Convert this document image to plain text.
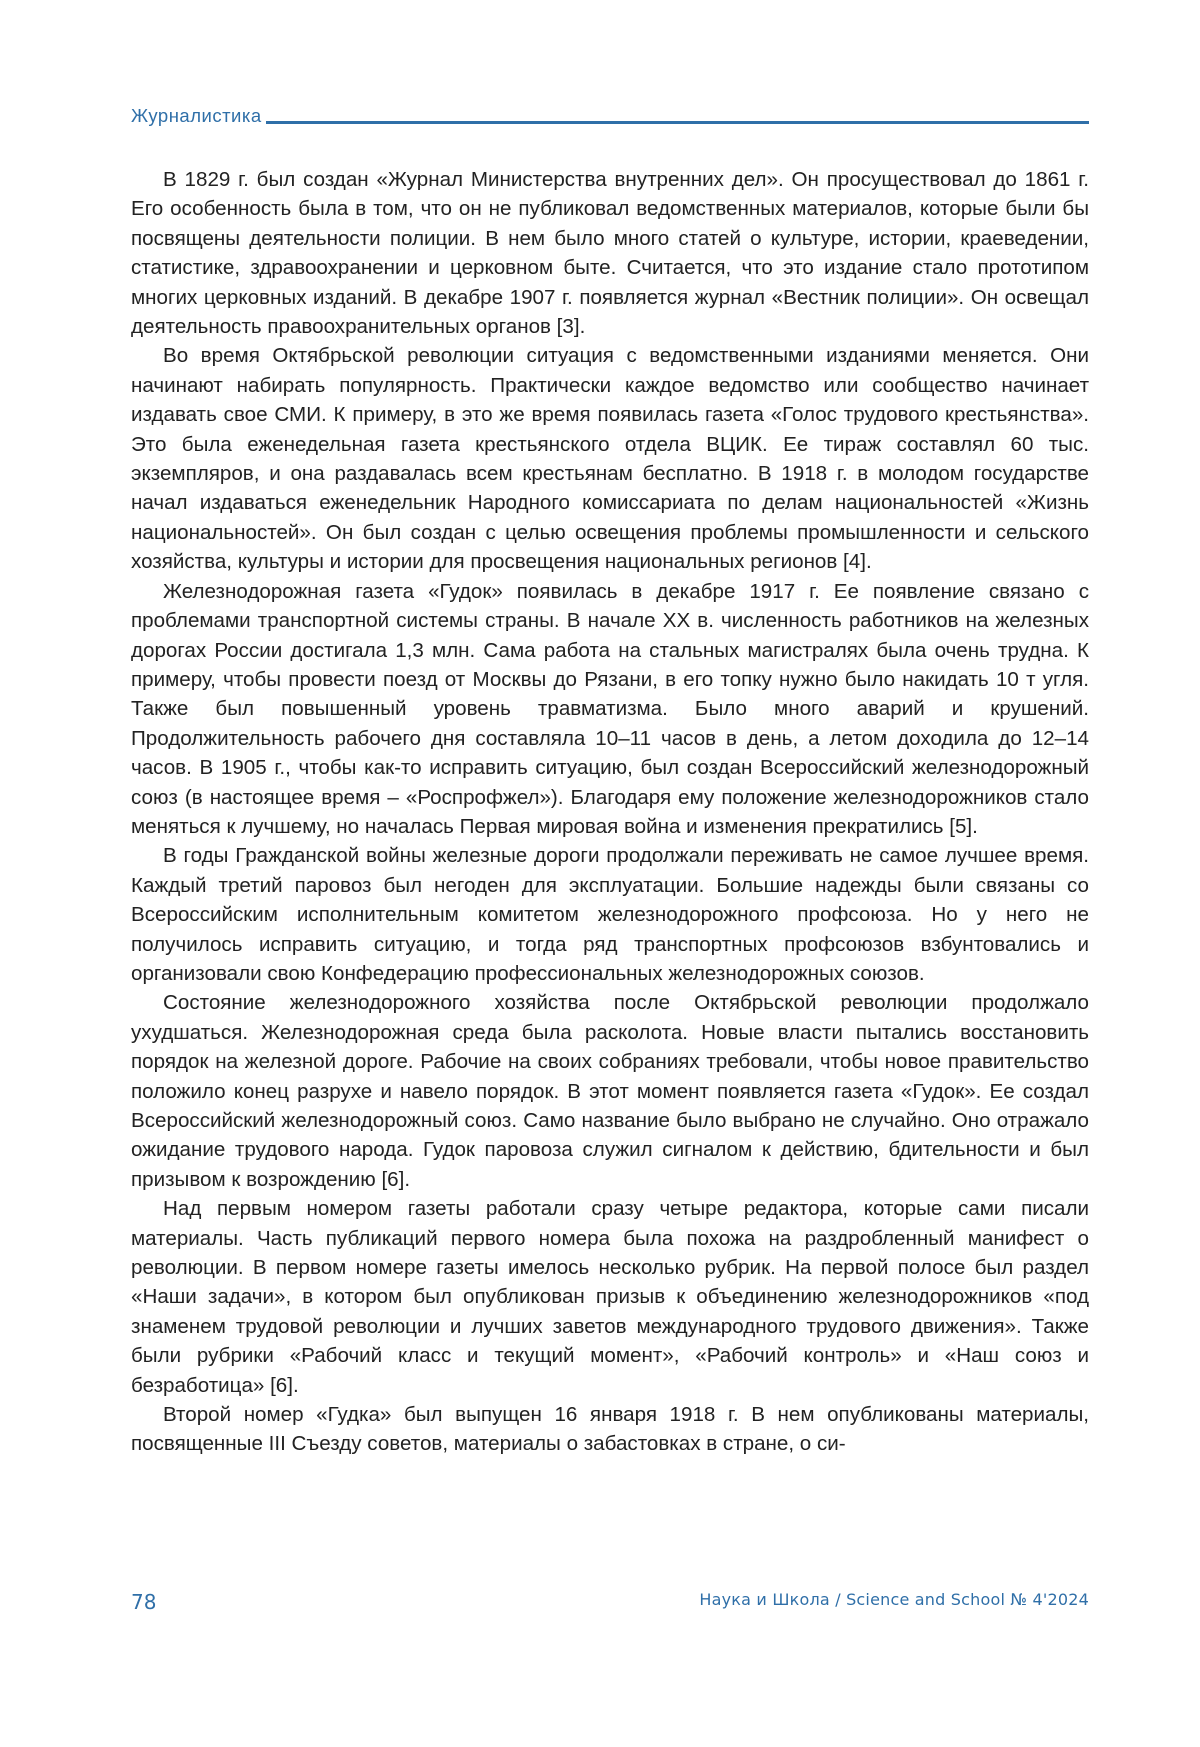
Журналистика

В 1829 г. был создан «Журнал Министерства внутренних дел». Он просуществовал до 1861 г. Его особенность была в том, что он не публиковал ведомственных материалов, которые были бы посвящены деятельности полиции. В нем было много статей о культуре, истории, краеведении, статистике, здравоохранении и церковном быте. Считается, что это издание стало прототипом многих церковных изданий. В декабре 1907 г. появляется журнал «Вестник полиции». Он освещал деятельность правоохранительных органов [3].

Во время Октябрьской революции ситуация с ведомственными изданиями меняется. Они начинают набирать популярность. Практически каждое ведомство или сообщество начинает издавать свое СМИ. К примеру, в это же время появилась газета «Голос трудового крестьянства». Это была еженедельная газета крестьянского отдела ВЦИК. Ее тираж составлял 60 тыс. экземпляров, и она раздавалась всем крестьянам бесплатно. В 1918 г. в молодом государстве начал издаваться еженедельник Народного комиссариата по делам национальностей «Жизнь национальностей». Он был создан с целью освещения проблемы промышленности и сельского хозяйства, культуры и истории для просвещения национальных регионов [4].

Железнодорожная газета «Гудок» появилась в декабре 1917 г. Ее появление связано с проблемами транспортной системы страны. В начале XX в. численность работников на железных дорогах России достигала 1,3 млн. Сама работа на стальных магистралях была очень трудна. К примеру, чтобы провести поезд от Москвы до Рязани, в его топку нужно было накидать 10 т угля. Также был повышенный уровень травматизма. Было много аварий и крушений. Продолжительность рабочего дня составляла 10–11 часов в день, а летом доходила до 12–14 часов. В 1905 г., чтобы как-то исправить ситуацию, был создан Всероссийский железнодорожный союз (в настоящее время – «Роспрофжел»). Благодаря ему положение железнодорожников стало меняться к лучшему, но началась Первая мировая война и изменения прекратились [5].

В годы Гражданской войны железные дороги продолжали переживать не самое лучшее время. Каждый третий паровоз был негоден для эксплуатации. Большие надежды были связаны со Всероссийским исполнительным комитетом железнодорожного профсоюза. Но у него не получилось исправить ситуацию, и тогда ряд транспортных профсоюзов взбунтовались и организовали свою Конфедерацию профессиональных железнодорожных союзов.

Состояние железнодорожного хозяйства после Октябрьской революции продолжало ухудшаться. Железнодорожная среда была расколота. Новые власти пытались восстановить порядок на железной дороге. Рабочие на своих собраниях требовали, чтобы новое правительство положило конец разрухе и навело порядок. В этот момент появляется газета «Гудок». Ее создал Всероссийский железнодорожный союз. Само название было выбрано не случайно. Оно отражало ожидание трудового народа. Гудок паровоза служил сигналом к действию, бдительности и был призывом к возрождению [6].

Над первым номером газеты работали сразу четыре редактора, которые сами писали материалы. Часть публикаций первого номера была похожа на раздробленный манифест о революции. В первом номере газеты имелось несколько рубрик. На первой полосе был раздел «Наши задачи», в котором был опубликован призыв к объединению железнодорожников «под знаменем трудовой революции и лучших заветов международного трудового движения». Также были рубрики «Рабочий класс и текущий момент», «Рабочий контроль» и «Наш союз и безработица» [6].

Второй номер «Гудка» был выпущен 16 января 1918 г. В нем опубликованы материалы, посвященные III Съезду советов, материалы о забастовках в стране, о си-

78	Наука и Школа / Science and School № 4'2024
